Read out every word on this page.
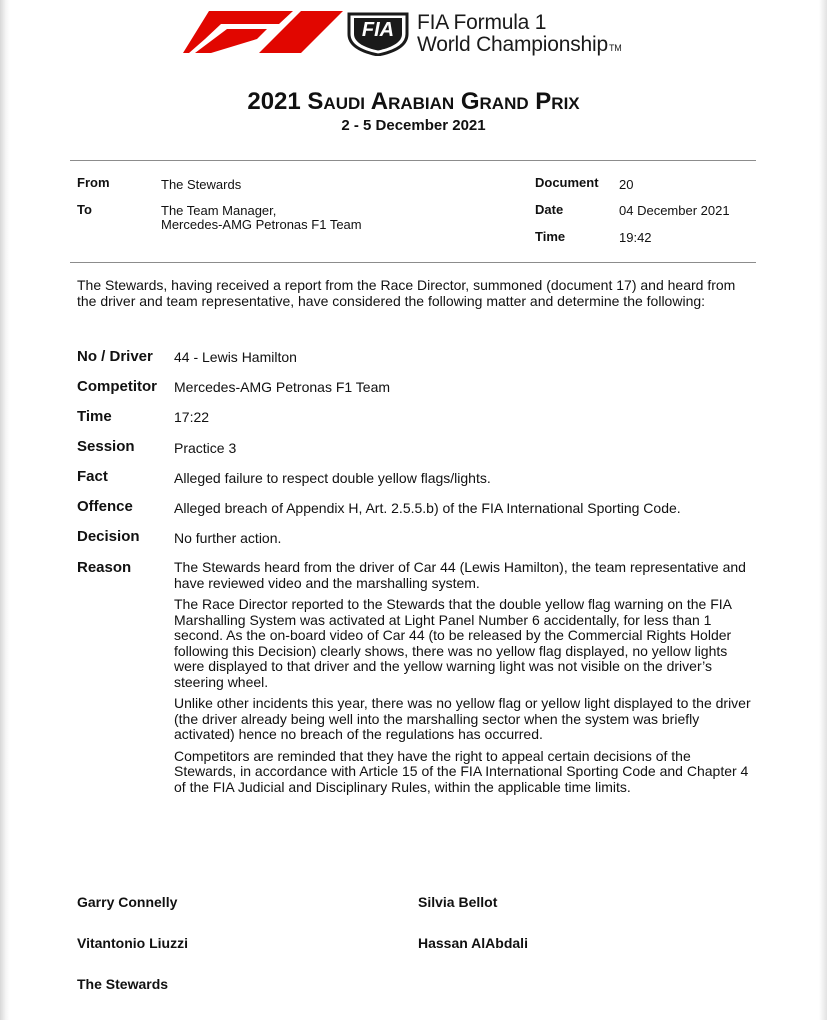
FIA	FIA Formula 1
World ChampionshipTM
2021 Saudi Arabian Grand Prix
2 - 5 December 2021
From	The Stewards
To	The Team Manager,
Mercedes-AMG Petronas F1 Team
Document 20
Date	04 December 2021
Time	19:42
The Stewards, having received a report from the Race Director, summoned (document 17) and heard from the driver and team representative, have considered the following matter and determine the following:
No / Driver 44 - Lewis Hamilton
Competitor Mercedes-AMG Petronas F1 Team
Time	17:22
Session	Practice 3
Fact	Alleged failure to respect double yellow flags/lights.
Offence	Alleged breach of Appendix H, Art. 2.5.5.b) of the FIA International Sporting Code.
Decision No further action.
Reason	The Stewards heard from the driver of Car 44 (Lewis Hamilton), the team representative and have reviewed video and the marshalling system.

The Race Director reported to the Stewards that the double yellow flag warning on the FIA Marshalling System was activated at Light Panel Number 6 accidentally, for less than 1 second. As the on-board video of Car 44 (to be released by the Commercial Rights Holder following this Decision) clearly shows, there was no yellow flag displayed, no yellow lights were displayed to that driver and the yellow warning light was not visible on the driver’s steering wheel.

Unlike other incidents this year, there was no yellow flag or yellow light displayed to the driver (the driver already being well into the marshalling sector when the system was briefly activated) hence no breach of the regulations has occurred.

Competitors are reminded that they have the right to appeal certain decisions of the Stewards, in accordance with Article 15 of the FIA International Sporting Code and Chapter 4 of the FIA Judicial and Disciplinary Rules, within the applicable time limits.

Garry Connelly	Silvia Bellot
Vitantonio Liuzzi	Hassan AlAbdali
The Stewards
